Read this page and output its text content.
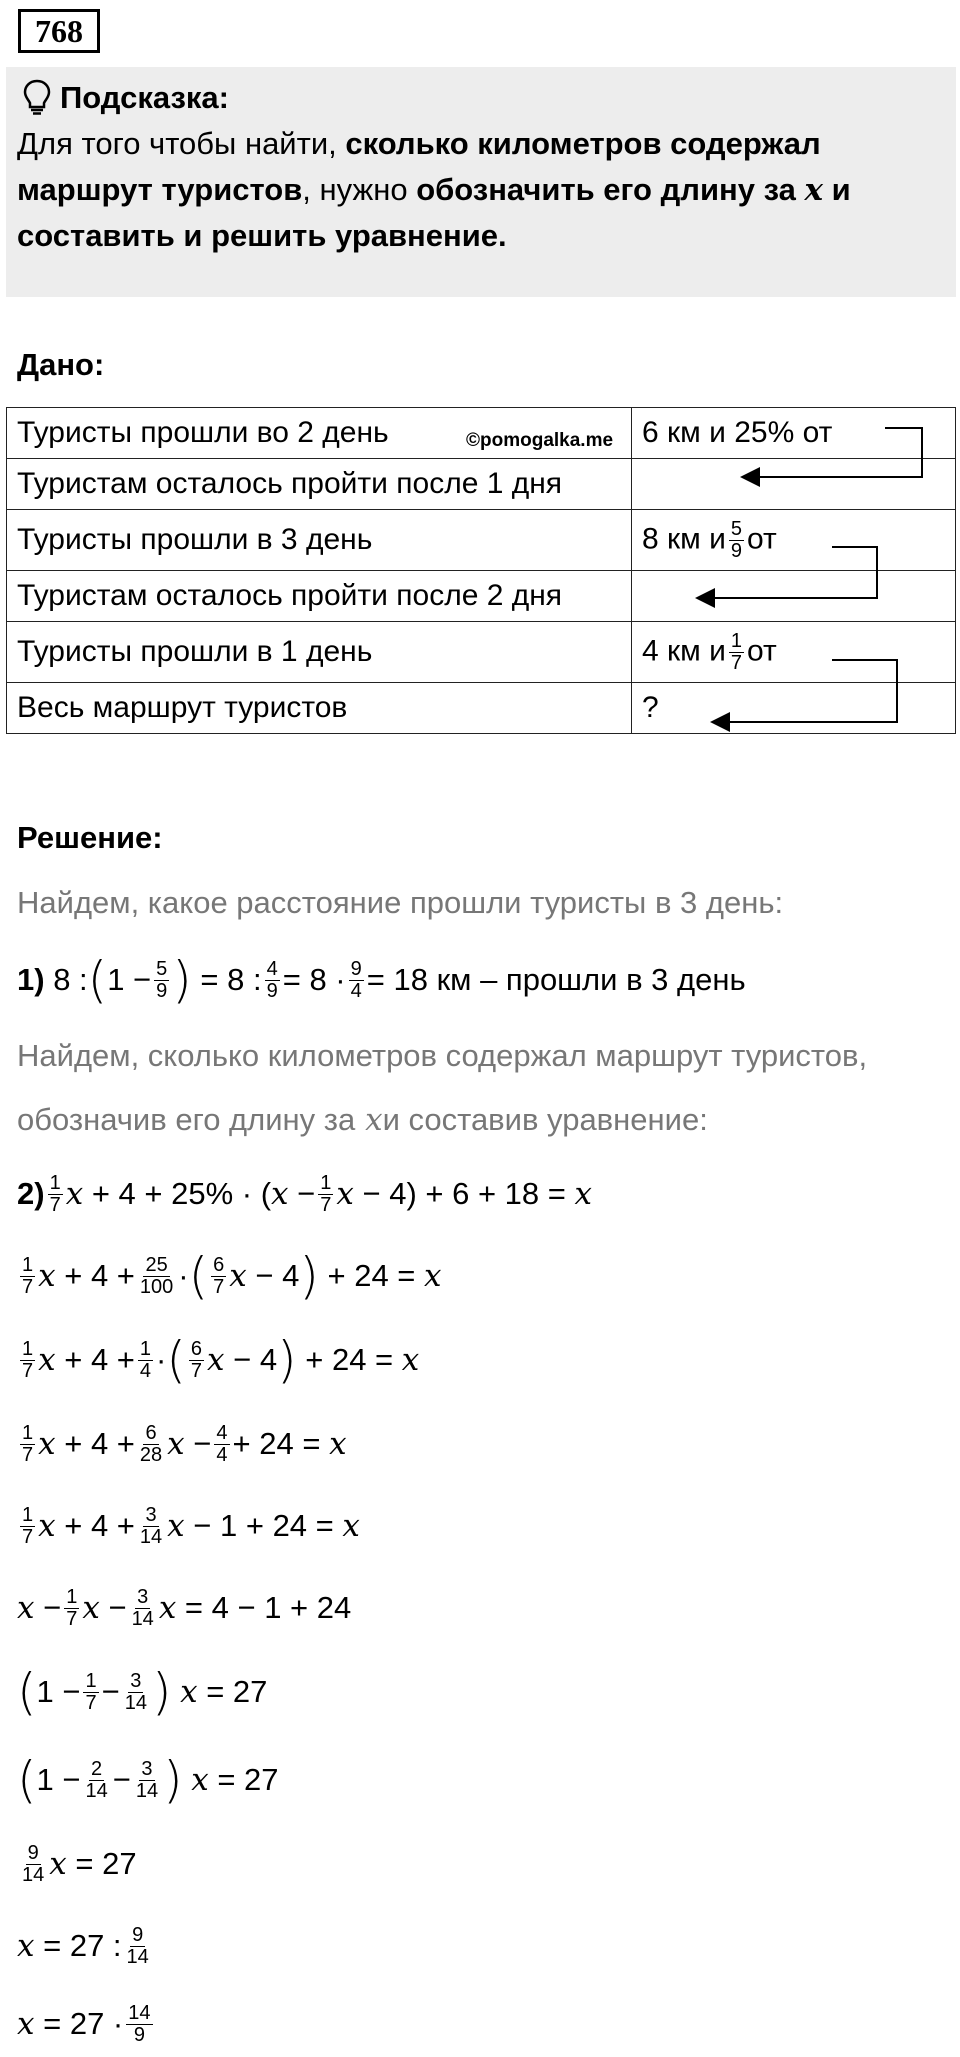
768
Подсказка:
Для того чтобы найти, сколько километров содержал
маршрут туристов, нужно обозначить его длину за x и
составить и решить уравнение.
Дано:
Туристы прошли во 2 день	6 км и 25% от
Туристам осталось пройти после 1 дня	
Туристы прошли в 3 день	8 км и $\frac{5}{9}$ от
Туристам осталось пройти после 2 дня	
Туристы прошли в 1 день	4 км и $\frac{1}{7}$ от
Весь маршрут туристов	?
©pomogalka.me
Решение:
Найдем, какое расстояние прошли туристы в 3 день:
1)
8 : ( $1 - \frac{5}{9}$ )
= 8 : $\frac{4}{9} = 8 \cdot \frac{9}{4} = 18$ км – прошли в 3 день
Найдем, сколько километров содержал маршрут туристов,
обозначив его длину за
x и составив уравнение:
$2) \frac{1}{7}$ x
+ 4 + 25% · ( x
− $\frac{1}{7}$ x
− 4) + 6 + 18 =
x
$\frac{1}{7}$ x
+ $4 + \frac{25}{100}$ · ( $\frac{6}{7}$ x
− 4 )
+ 24 =
x
$\frac{1}{7}$ x
+ $4 + \frac{1}{4}$ · ( $\frac{6}{7}$ x
− 4 )
+ 24 =
x
$\frac{1}{7}$ x
+ $4 + \frac{6}{28}$ x
− $\frac{4}{4} + 24$ =
x
$\frac{1}{7}$ x
+ $4 + \frac{3}{14}$ x
− 1 + 24 =
x
x
− $\frac{1}{7}$ x
− $\frac{3}{14}$ x
= 4 − 1 + 24
( $1 - \frac{1}{7} - \frac{3}{14}$ )
x
= 27
( $1 - \frac{2}{14} - \frac{3}{14}$ )
x
= 27
$\frac{9}{14}$ x
= 27
x
= 27 : $\frac{9}{14}$
x
= $27 \cdot \frac{14}{9}$
